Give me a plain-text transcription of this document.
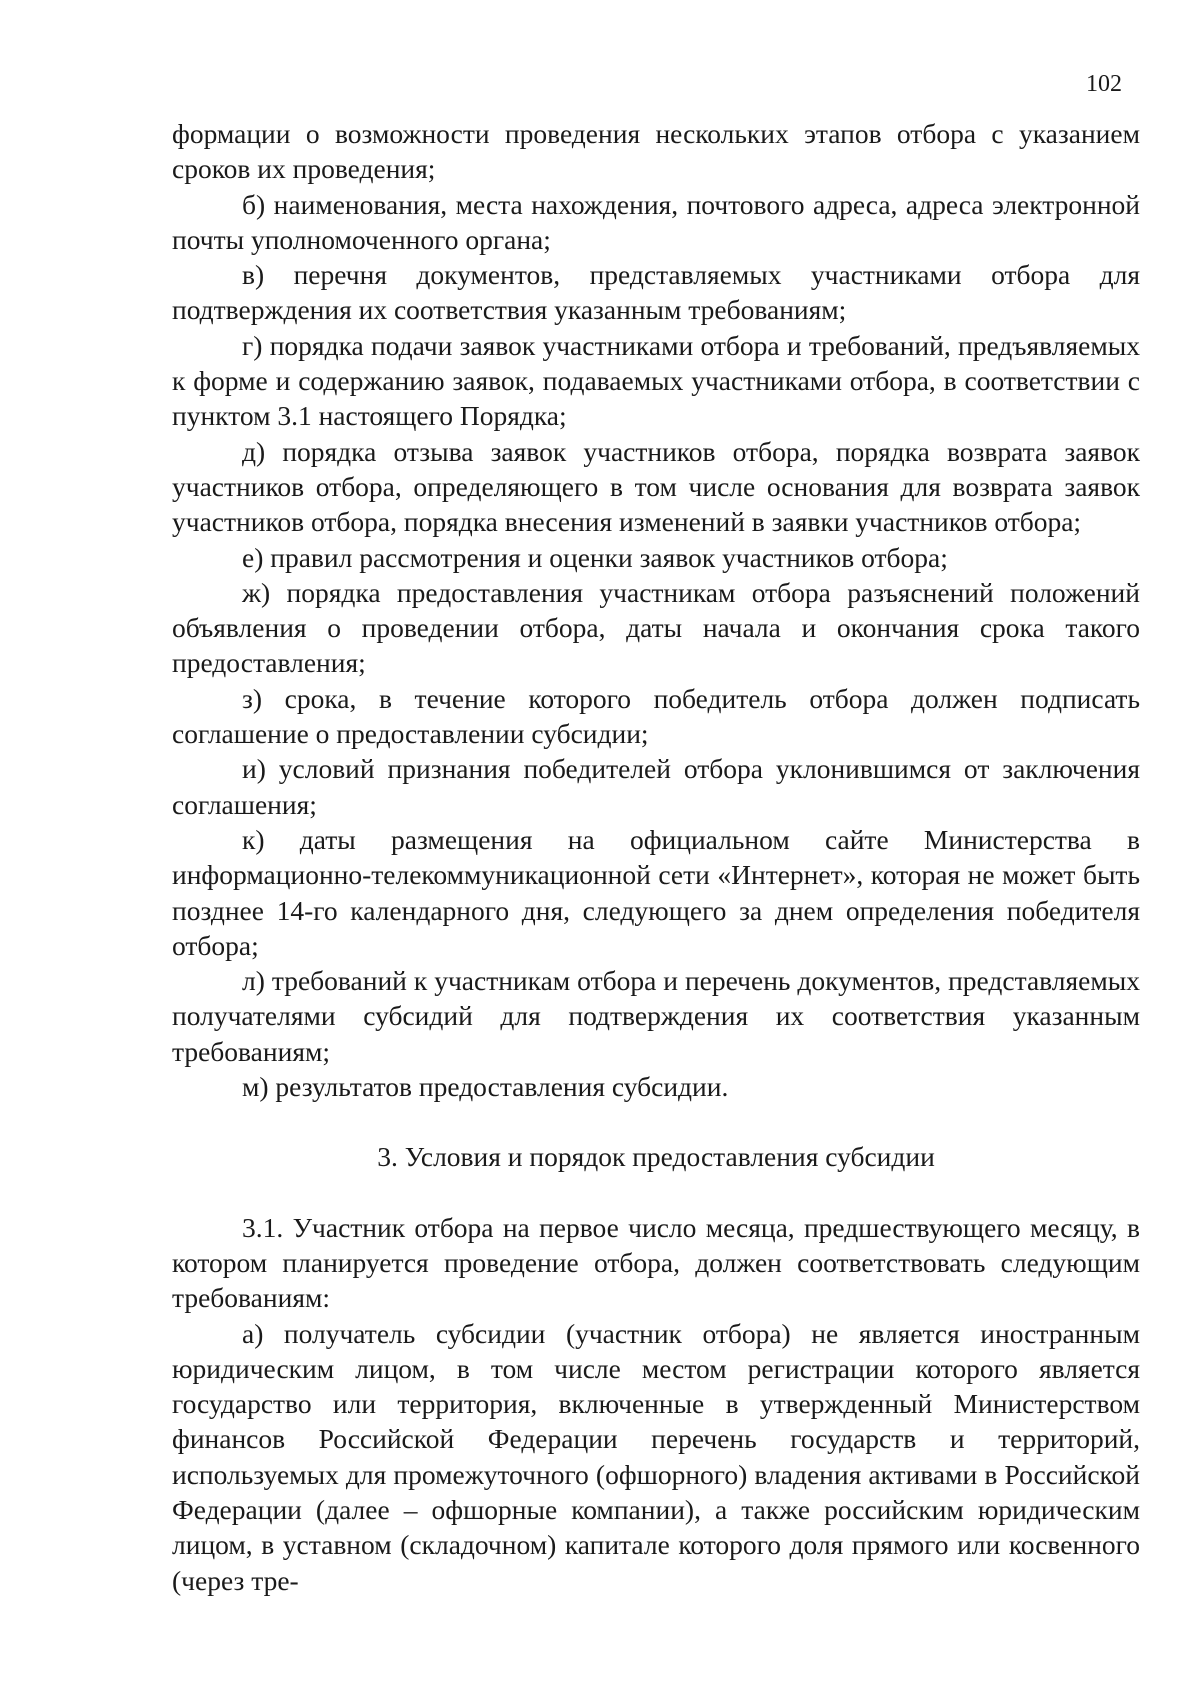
102

формации о возможности проведения нескольких этапов отбора с указанием сроков их проведения;

б) наименования, места нахождения, почтового адреса, адреса электронной почты уполномоченного органа;

в) перечня документов, представляемых участниками отбора для подтверждения их соответствия указанным требованиям;

г) порядка подачи заявок участниками отбора и требований, предъявляемых к форме и содержанию заявок, подаваемых участниками отбора, в соответствии с пунктом 3.1 настоящего Порядка;

д) порядка отзыва заявок участников отбора, порядка возврата заявок участников отбора, определяющего в том числе основания для возврата заявок участников отбора, порядка внесения изменений в заявки участников отбора;

е) правил рассмотрения и оценки заявок участников отбора;

ж) порядка предоставления участникам отбора разъяснений положений объявления о проведении отбора, даты начала и окончания срока такого предоставления;

з) срока, в течение которого победитель отбора должен подписать соглашение о предоставлении субсидии;

и) условий признания победителей отбора уклонившимся от заключения соглашения;

к) даты размещения на официальном сайте Министерства в информационно-телекоммуникационной сети «Интернет», которая не может быть позднее 14-го календарного дня, следующего за днем определения победителя отбора;

л) требований к участникам отбора и перечень документов, представляемых получателями субсидий для подтверждения их соответствия указанным требованиям;

м) результатов предоставления субсидии.

3. Условия и порядок предоставления субсидии

3.1. Участник отбора на первое число месяца, предшествующего месяцу, в котором планируется проведение отбора, должен соответствовать следующим требованиям:

а) получатель субсидии (участник отбора) не является иностранным юридическим лицом, в том числе местом регистрации которого является государство или территория, включенные в утвержденный Министерством финансов Российской Федерации перечень государств и территорий, используемых для промежуточного (офшорного) владения активами в Российской Федерации (далее – офшорные компании), а также российским юридическим лицом, в уставном (складочном) капитале которого доля прямого или косвенного (через тре-
